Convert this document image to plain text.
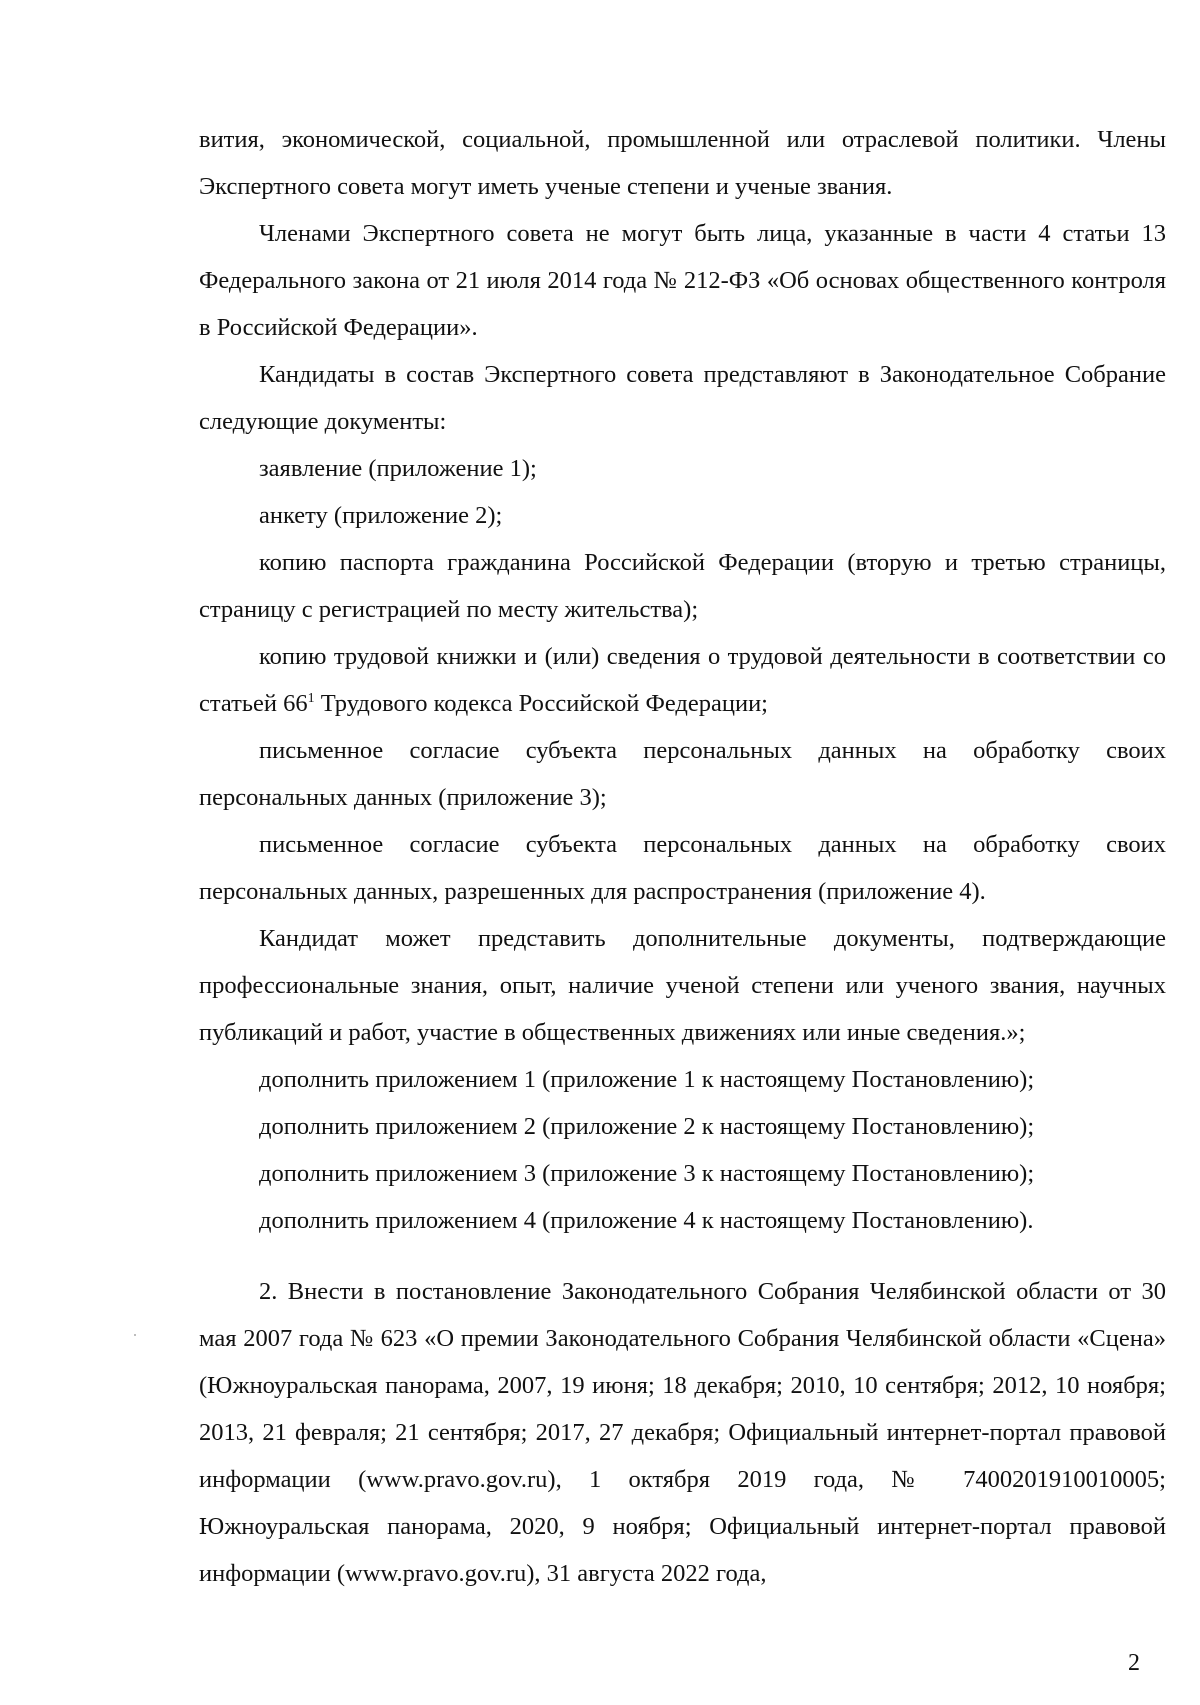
вития, экономической, социальной, промышленной или отраслевой политики. Члены Экспертного совета могут иметь ученые степени и ученые звания.

Членами Экспертного совета не могут быть лица, указанные в части 4 статьи 13 Федерального закона от 21 июля 2014 года № 212-ФЗ «Об основах общественного контроля в Российской Федерации».

Кандидаты в состав Экспертного совета представляют в Законодательное Собрание следующие документы:

заявление (приложение 1);

анкету (приложение 2);

копию паспорта гражданина Российской Федерации (вторую и третью страницы, страницу с регистрацией по месту жительства);

копию трудовой книжки и (или) сведения о трудовой деятельности в соответствии со статьей $66^1$ Трудового кодекса Российской Федерации;

письменное согласие субъекта персональных данных на обработку своих персональных данных (приложение 3);

письменное согласие субъекта персональных данных на обработку своих персональных данных, разрешенных для распространения (приложение 4).

Кандидат может представить дополнительные документы, подтверждающие профессиональные знания, опыт, наличие ученой степени или ученого звания, научных публикаций и работ, участие в общественных движениях или иные сведения.»;

дополнить приложением 1 (приложение 1 к настоящему Постановлению);

дополнить приложением 2 (приложение 2 к настоящему Постановлению);

дополнить приложением 3 (приложение 3 к настоящему Постановлению);

дополнить приложением 4 (приложение 4 к настоящему Постановлению).

2. Внести в постановление Законодательного Собрания Челябинской области от 30 мая 2007 года № 623 «О премии Законодательного Собрания Челябинской области «Сцена» (Южноуральская панорама, 2007, 19 июня; 18 декабря; 2010, 10 сентября; 2012, 10 ноября; 2013, 21 февраля; 21 сентября; 2017, 27 декабря; Официальный интернет-портал правовой информации (www.pravo.gov.ru), 1 октября 2019 года, № 7400201910010005; Южноуральская панорама, 2020, 9 ноября; Официальный интернет-портал правовой информации (www.pravo.gov.ru), 31 августа 2022 года,

2
